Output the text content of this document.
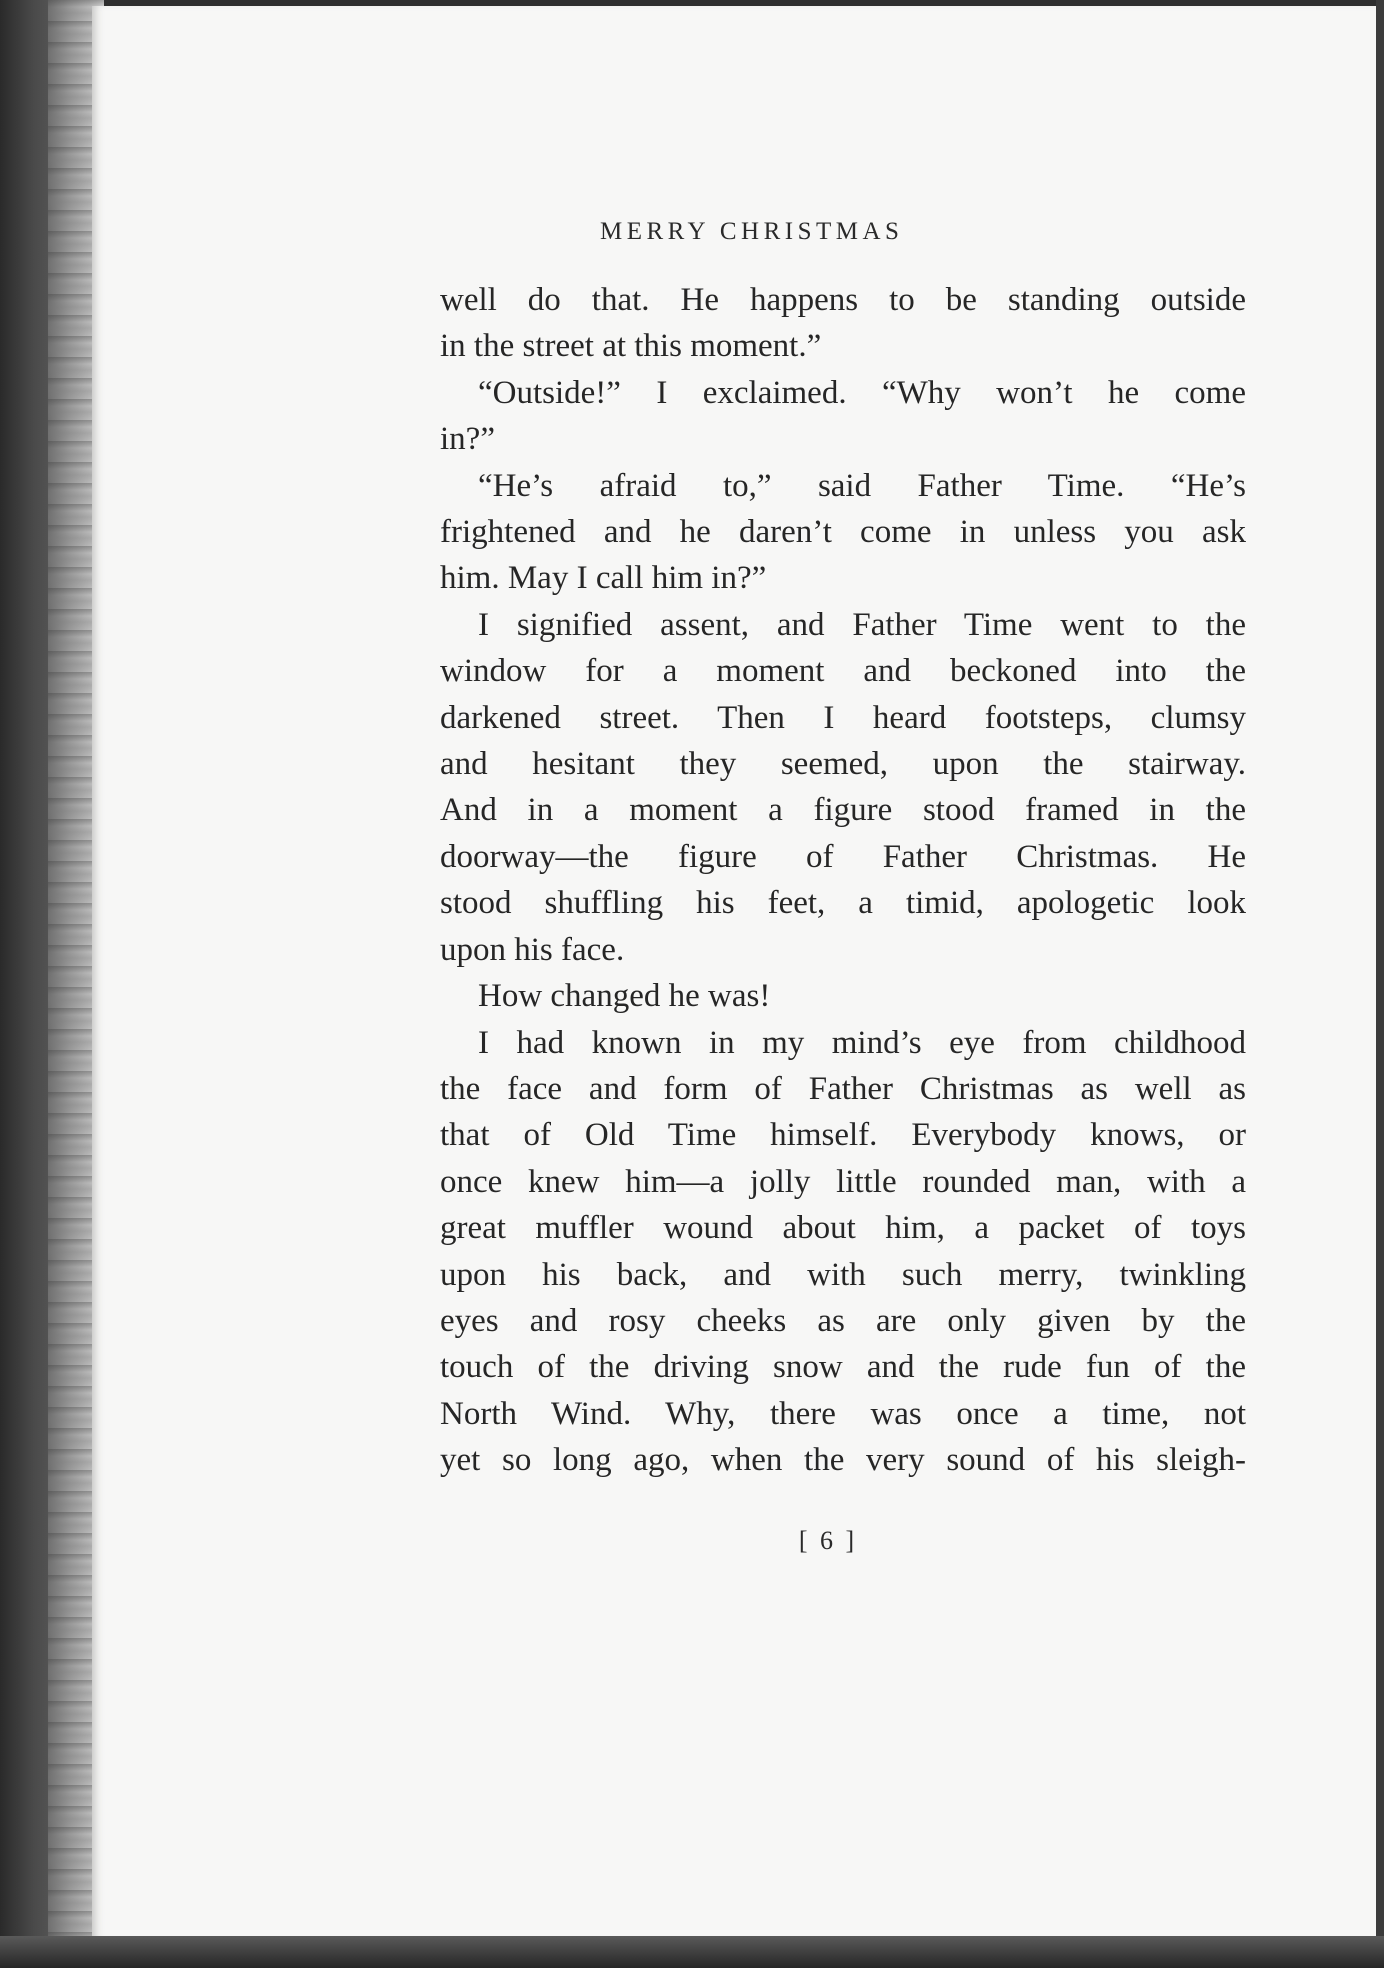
MERRY CHRISTMAS
well do that. He happens to be standing outside
in the street at this moment.”
“Outside!” I exclaimed. “Why won’t he come
in?”
“He’s afraid to,” said Father Time. “He’s
frightened and he daren’t come in unless you ask
him. May I call him in?”
I signified assent, and Father Time went to the
window for a moment and beckoned into the
darkened street. Then I heard footsteps, clumsy
and hesitant they seemed, upon the stairway.
And in a moment a figure stood framed in the
doorway—the figure of Father Christmas. He
stood shuffling his feet, a timid, apologetic look
upon his face.
How changed he was!
I had known in my mind’s eye from childhood
the face and form of Father Christmas as well as
that of Old Time himself. Everybody knows, or
once knew him—a jolly little rounded man, with a
great muffler wound about him, a packet of toys
upon his back, and with such merry, twinkling
eyes and rosy cheeks as are only given by the
touch of the driving snow and the rude fun of the
North Wind. Why, there was once a time, not
yet so long ago, when the very sound of his sleigh-
[ 6 ]
